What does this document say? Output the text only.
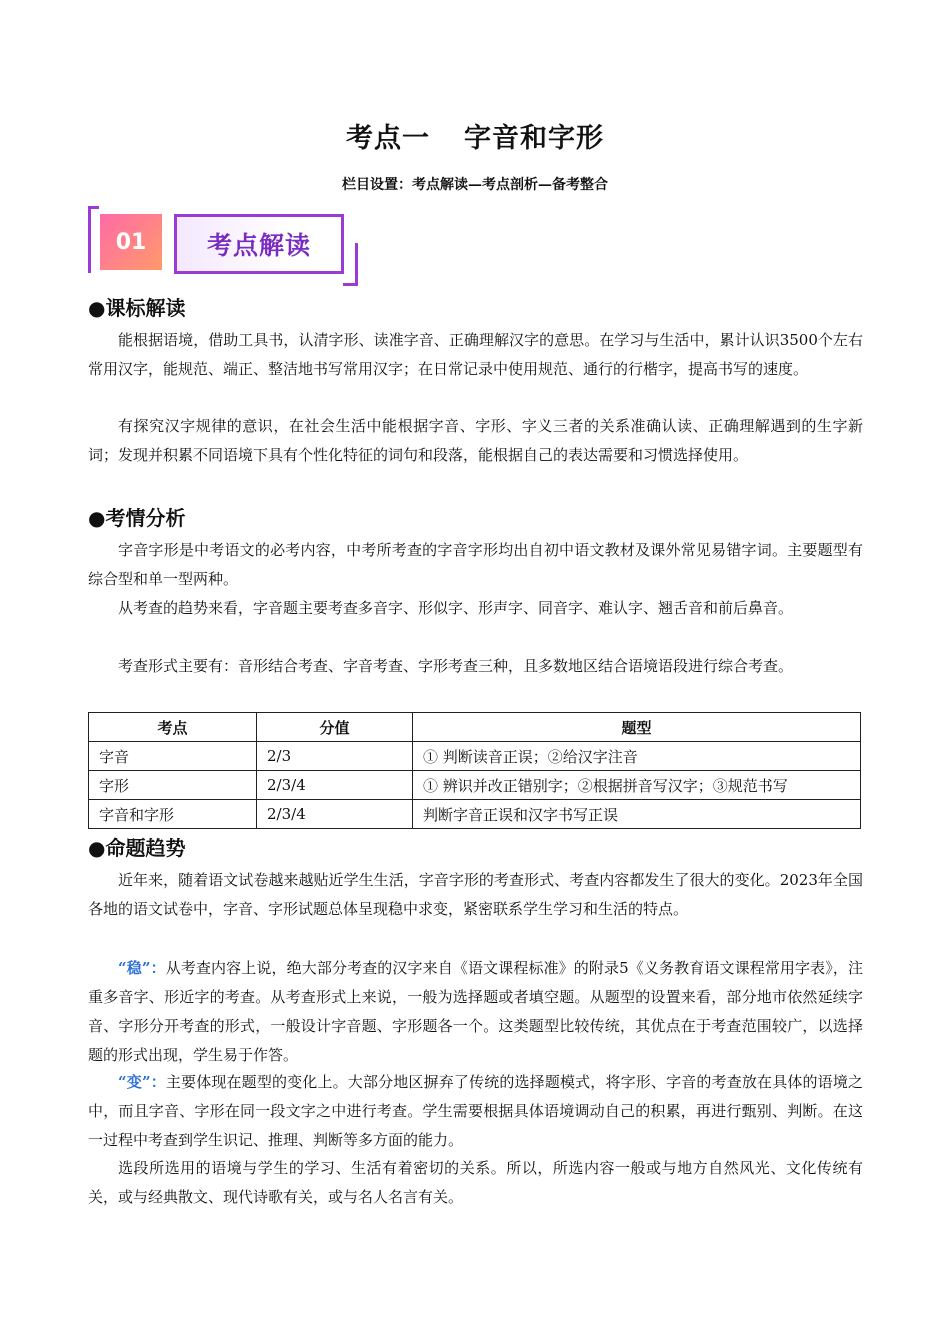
考点一 字音和字形
栏目设置：考点解读—考点剖析—备考整合
01	考点解读
●课标解读

能根据语境，借助工具书，认清字形、读准字音、正确理解汉字的意思。在学习与生活中，累计认识3500个左右常用汉字，能规范、端正、整洁地书写常用汉字；在日常记录中使用规范、通行的行楷字，提高书写的速度。

有探究汉字规律的意识，在社会生活中能根据字音、字形、字义三者的关系准确认读、正确理解遇到的生字新词；发现并积累不同语境下具有个性化特征的词句和段落，能根据自己的表达需要和习惯选择使用。

●考情分析

字音字形是中考语文的必考内容，中考所考查的字音字形均出自初中语文教材及课外常见易错字词。主要题型有综合型和单一型两种。

从考查的趋势来看，字音题主要考查多音字、形似字、形声字、同音字、难认字、翘舌音和前后鼻音。

考查形式主要有：音形结合考查、字音考查、字形考查三种，且多数地区结合语境语段进行综合考查。

考点	分值	题型
字音	2/3	① 判断读音正误；②给汉字注音
字形	2/3/4	① 辨识并改正错别字；②根据拼音写汉字；③规范书写
字音和字形	2/3/4	判断字音正误和汉字书写正误
●命题趋势

近年来，随着语文试卷越来越贴近学生生活，字音字形的考查形式、考查内容都发生了很大的变化。2023年全国各地的语文试卷中，字音、字形试题总体呈现稳中求变，紧密联系学生学习和生活的特点。

“稳”：从考查内容上说，绝大部分考查的汉字来自《语文课程标准》的附录5《义务教育语文课程常用字表》，注重多音字、形近字的考查。从考查形式上来说，一般为选择题或者填空题。从题型的设置来看，部分地市依然延续字音、字形分开考查的形式，一般设计字音题、字形题各一个。这类题型比较传统，其优点在于考查范围较广，以选择题的形式出现，学生易于作答。

“变”：主要体现在题型的变化上。大部分地区摒弃了传统的选择题模式，将字形、字音的考查放在具体的语境之中，而且字音、字形在同一段文字之中进行考查。学生需要根据具体语境调动自己的积累，再进行甄别、判断。在这一过程中考查到学生识记、推理、判断等多方面的能力。

选段所选用的语境与学生的学习、生活有着密切的关系。所以，所选内容一般或与地方自然风光、文化传统有关，或与经典散文、现代诗歌有关，或与名人名言有关。
